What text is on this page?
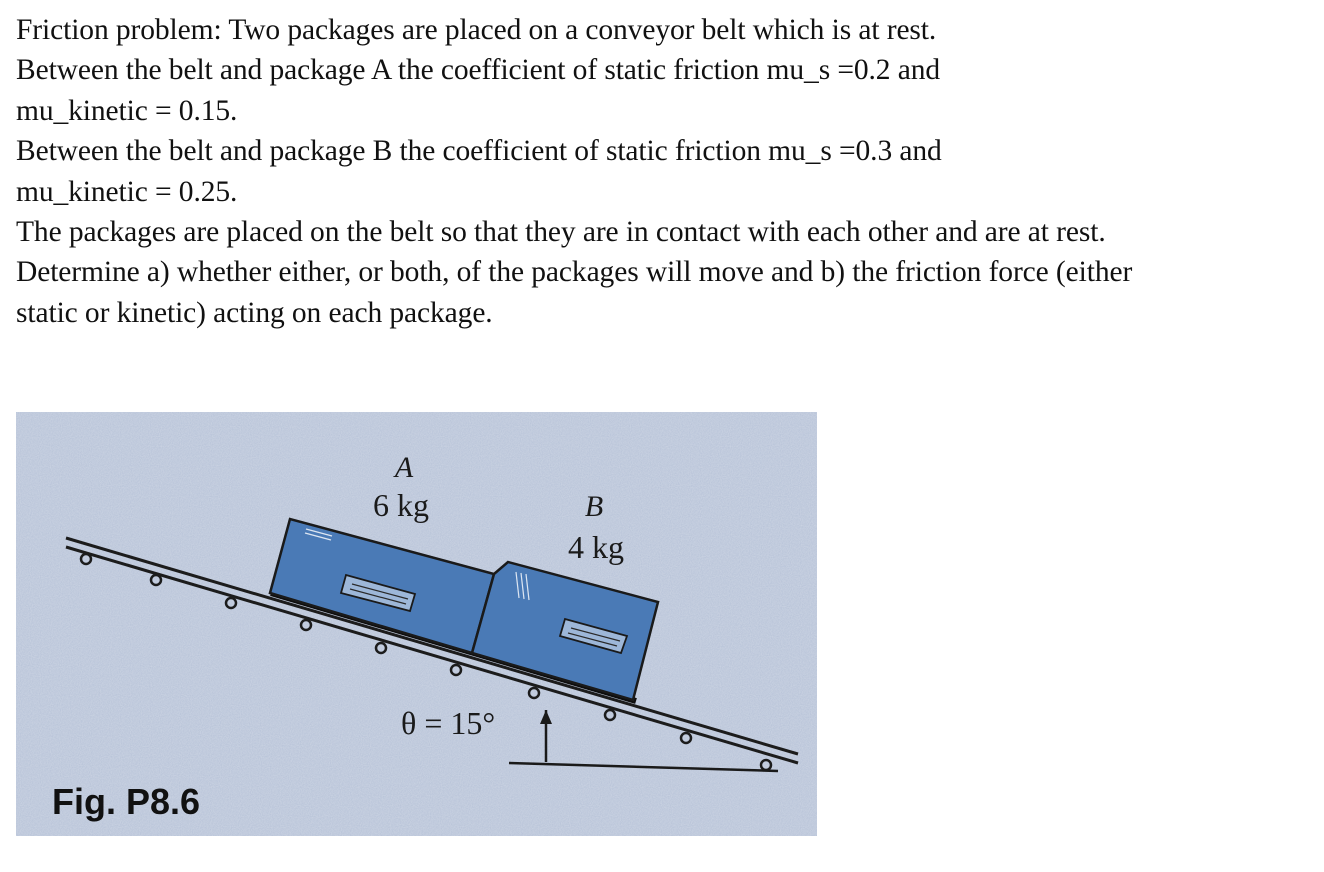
Friction problem: Two packages are placed on a conveyor belt which is at rest.
Between the belt and package A the coefficient of static friction mu_s =0.2 and
mu_kinetic = 0.15.
Between the belt and package B the coefficient of static friction mu_s =0.3 and
mu_kinetic = 0.25.
The packages are placed on the belt so that they are in contact with each other and are at rest.
Determine a) whether either, or both, of the packages will move and b) the friction force (either
static or kinetic) acting on each package.
A
6 kg	B
4 kg
θ = 15°
Fig. P8.6
